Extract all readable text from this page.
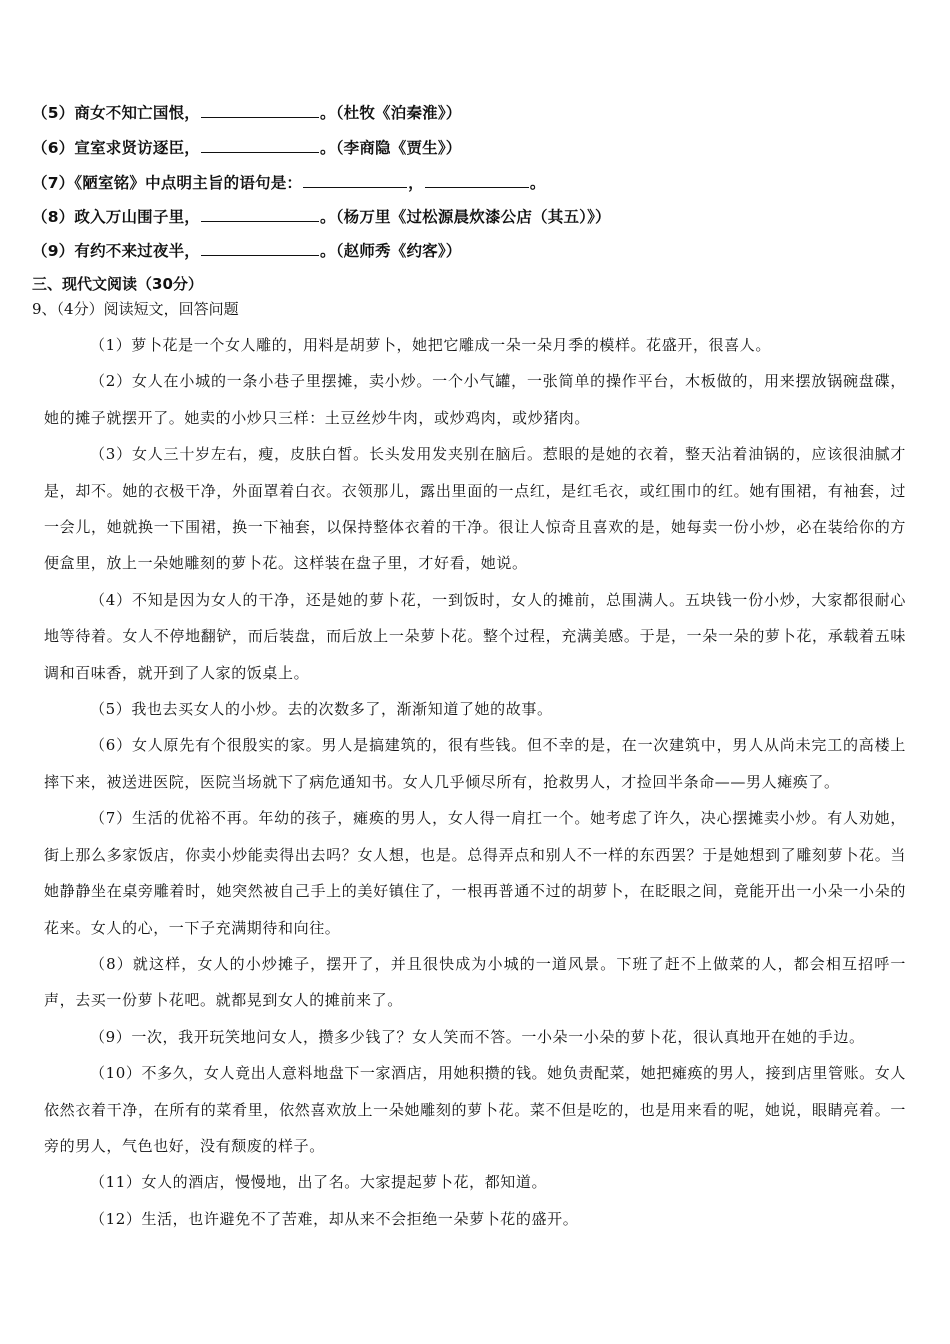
（5）商女不知亡国恨，	。（杜牧《泊秦淮》）
（6）宣室求贤访逐臣，	。（李商隐《贾生》）
（7）《陋室铭》中点明主旨的语句是：	，	。
（8）政入万山围子里，	。（杨万里《过松源晨炊漆公店（其五）》）
（9）有约不来过夜半，	。（赵师秀《约客》）
三、现代文阅读（30分）
9、（4分）阅读短文，回答问题

（1）萝卜花是一个女人雕的，用料是胡萝卜，她把它雕成一朵一朵月季的模样。花盛开，很喜人。

（2）女人在小城的一条小巷子里摆摊，卖小炒。一个小气罐，一张简单的操作平台，木板做的，用来摆放锅碗盘碟，她的摊子就摆开了。她卖的小炒只三样：土豆丝炒牛肉，或炒鸡肉，或炒猪肉。

（3）女人三十岁左右，瘦，皮肤白皙。长头发用发夹别在脑后。惹眼的是她的衣着，整天沾着油锅的，应该很油腻才是，却不。她的衣极干净，外面罩着白衣。衣领那儿，露出里面的一点红，是红毛衣，或红围巾的红。她有围裙，有袖套，过一会儿，她就换一下围裙，换一下袖套，以保持整体衣着的干净。很让人惊奇且喜欢的是，她每卖一份小炒，必在装给你的方便盒里，放上一朵她雕刻的萝卜花。这样装在盘子里，才好看，她说。

（4）不知是因为女人的干净，还是她的萝卜花，一到饭时，女人的摊前，总围满人。五块钱一份小炒，大家都很耐心地等待着。女人不停地翻铲，而后装盘，而后放上一朵萝卜花。整个过程，充满美感。于是，一朵一朵的萝卜花，承载着五味调和百味香，就开到了人家的饭桌上。

（5）我也去买女人的小炒。去的次数多了，渐渐知道了她的故事。

（6）女人原先有个很殷实的家。男人是搞建筑的，很有些钱。但不幸的是，在一次建筑中，男人从尚未完工的高楼上摔下来，被送进医院，医院当场就下了病危通知书。女人几乎倾尽所有，抢救男人，才捡回半条命——男人瘫痪了。

（7）生活的优裕不再。年幼的孩子，瘫痪的男人，女人得一肩扛一个。她考虑了许久，决心摆摊卖小炒。有人劝她，街上那么多家饭店，你卖小炒能卖得出去吗？女人想，也是。总得弄点和别人不一样的东西罢？于是她想到了雕刻萝卜花。当她静静坐在桌旁雕着时，她突然被自己手上的美好镇住了，一根再普通不过的胡萝卜，在眨眼之间，竟能开出一小朵一小朵的花来。女人的心，一下子充满期待和向往。

（8）就这样，女人的小炒摊子，摆开了，并且很快成为小城的一道风景。下班了赶不上做菜的人，都会相互招呼一声，去买一份萝卜花吧。就都晃到女人的摊前来了。

（9）一次，我开玩笑地问女人，攒多少钱了？女人笑而不答。一小朵一小朵的萝卜花，很认真地开在她的手边。

（10）不多久，女人竟出人意料地盘下一家酒店，用她积攒的钱。她负责配菜，她把瘫痪的男人，接到店里管账。女人依然衣着干净，在所有的菜肴里，依然喜欢放上一朵她雕刻的萝卜花。菜不但是吃的，也是用来看的呢，她说，眼睛亮着。一旁的男人，气色也好，没有颓废的样子。

（11）女人的酒店，慢慢地，出了名。大家提起萝卜花，都知道。

（12）生活，也许避免不了苦难，却从来不会拒绝一朵萝卜花的盛开。
